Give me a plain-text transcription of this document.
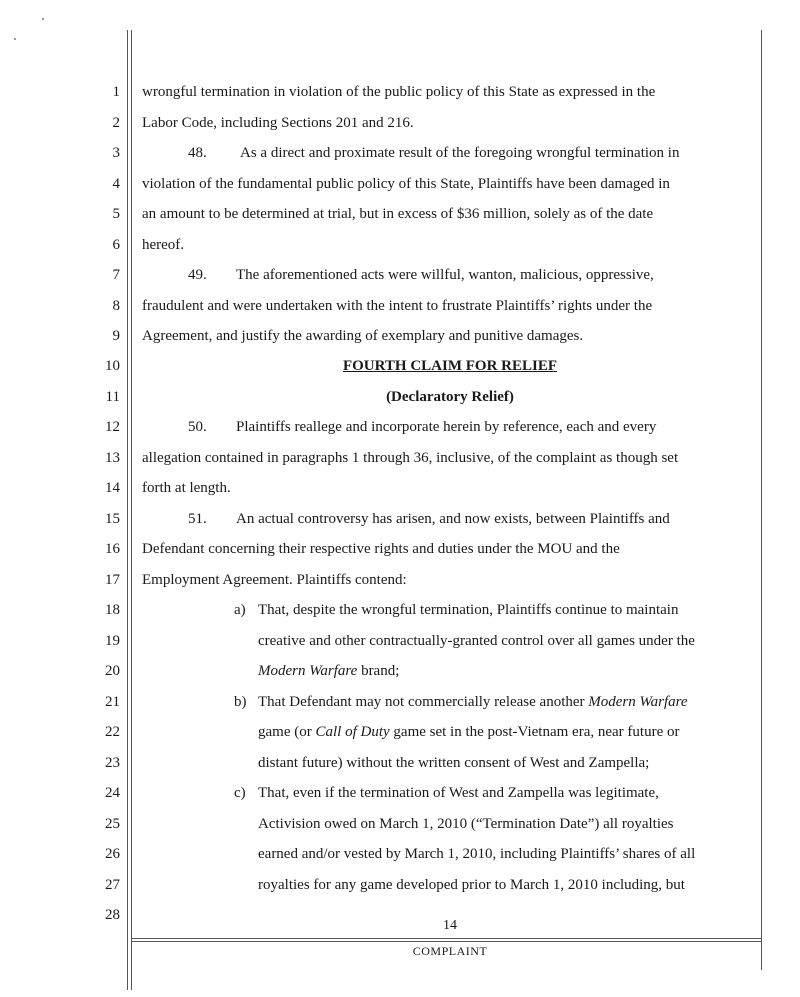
1
2
3
4
5
6
7
8
9
10
11
12
13
14
15
16
17
18
19
20
21
22
23
24
25
26
27
28
wrongful termination in violation of the public policy of this State as expressed in the
Labor Code, including Sections 201 and 216.
48. As a direct and proximate result of the foregoing wrongful termination in
violation of the fundamental public policy of this State, Plaintiffs have been damaged in
an amount to be determined at trial, but in excess of $36 million, solely as of the date
hereof.
49. The aforementioned acts were willful, wanton, malicious, oppressive,
fraudulent and were undertaken with the intent to frustrate Plaintiffs’ rights under the
Agreement, and justify the awarding of exemplary and punitive damages.
FOURTH CLAIM FOR RELIEF
(Declaratory Relief)
50. Plaintiffs reallege and incorporate herein by reference, each and every
allegation contained in paragraphs 1 through 36, inclusive, of the complaint as though set
forth at length.
51. An actual controversy has arisen, and now exists, between Plaintiffs and
Defendant concerning their respective rights and duties under the MOU and the
Employment Agreement. Plaintiffs contend:
a) That, despite the wrongful termination, Plaintiffs continue to maintain
creative and other contractually-granted control over all games under the
Modern Warfare brand;
b) That Defendant may not commercially release another Modern Warfare
game (or Call of Duty game set in the post-Vietnam era, near future or
distant future) without the written consent of West and Zampella;
c) That, even if the termination of West and Zampella was legitimate,
Activision owed on March 1, 2010 (“Termination Date”) all royalties
earned and/or vested by March 1, 2010, including Plaintiffs’ shares of all
royalties for any game developed prior to March 1, 2010 including, but
14
COMPLAINT
